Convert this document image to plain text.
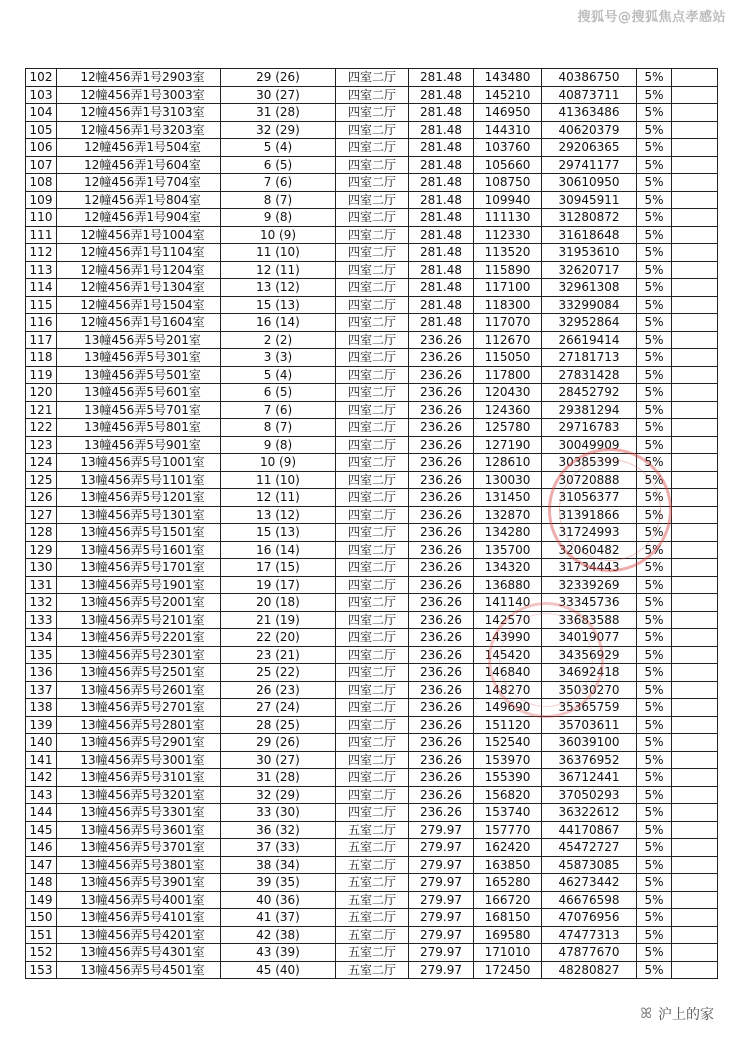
搜狐号@搜狐焦点孝感站
102	12幢456弄1号2903室	29 (26)	四室二厅	281.48	143480	40386750	5%	
103	12幢456弄1号3003室	30 (27)	四室二厅	281.48	145210	40873711	5%	
104	12幢456弄1号3103室	31 (28)	四室二厅	281.48	146950	41363486	5%	
105	12幢456弄1号3203室	32 (29)	四室二厅	281.48	144310	40620379	5%	
106	12幢456弄1号504室	5 (4)	四室二厅	281.48	103760	29206365	5%	
107	12幢456弄1号604室	6 (5)	四室二厅	281.48	105660	29741177	5%	
108	12幢456弄1号704室	7 (6)	四室二厅	281.48	108750	30610950	5%	
109	12幢456弄1号804室	8 (7)	四室二厅	281.48	109940	30945911	5%	
110	12幢456弄1号904室	9 (8)	四室二厅	281.48	111130	31280872	5%	
111	12幢456弄1号1004室	10 (9)	四室二厅	281.48	112330	31618648	5%	
112	12幢456弄1号1104室	11 (10)	四室二厅	281.48	113520	31953610	5%	
113	12幢456弄1号1204室	12 (11)	四室二厅	281.48	115890	32620717	5%	
114	12幢456弄1号1304室	13 (12)	四室二厅	281.48	117100	32961308	5%	
115	12幢456弄1号1504室	15 (13)	四室二厅	281.48	118300	33299084	5%	
116	12幢456弄1号1604室	16 (14)	四室二厅	281.48	117070	32952864	5%	
117	13幢456弄5号201室	2 (2)	四室二厅	236.26	112670	26619414	5%	
118	13幢456弄5号301室	3 (3)	四室二厅	236.26	115050	27181713	5%	
119	13幢456弄5号501室	5 (4)	四室二厅	236.26	117800	27831428	5%	
120	13幢456弄5号601室	6 (5)	四室二厅	236.26	120430	28452792	5%	
121	13幢456弄5号701室	7 (6)	四室二厅	236.26	124360	29381294	5%	
122	13幢456弄5号801室	8 (7)	四室二厅	236.26	125780	29716783	5%	
123	13幢456弄5号901室	9 (8)	四室二厅	236.26	127190	30049909	5%	
124	13幢456弄5号1001室	10 (9)	四室二厅	236.26	128610	30385399	5%	
125	13幢456弄5号1101室	11 (10)	四室二厅	236.26	130030	30720888	5%	
126	13幢456弄5号1201室	12 (11)	四室二厅	236.26	131450	31056377	5%	
127	13幢456弄5号1301室	13 (12)	四室二厅	236.26	132870	31391866	5%	
128	13幢456弄5号1501室	15 (13)	四室二厅	236.26	134280	31724993	5%	
129	13幢456弄5号1601室	16 (14)	四室二厅	236.26	135700	32060482	5%	
130	13幢456弄5号1701室	17 (15)	四室二厅	236.26	134320	31734443	5%	
131	13幢456弄5号1901室	19 (17)	四室二厅	236.26	136880	32339269	5%	
132	13幢456弄5号2001室	20 (18)	四室二厅	236.26	141140	33345736	5%	
133	13幢456弄5号2101室	21 (19)	四室二厅	236.26	142570	33683588	5%	
134	13幢456弄5号2201室	22 (20)	四室二厅	236.26	143990	34019077	5%	
135	13幢456弄5号2301室	23 (21)	四室二厅	236.26	145420	34356929	5%	
136	13幢456弄5号2501室	25 (22)	四室二厅	236.26	146840	34692418	5%	
137	13幢456弄5号2601室	26 (23)	四室二厅	236.26	148270	35030270	5%	
138	13幢456弄5号2701室	27 (24)	四室二厅	236.26	149690	35365759	5%	
139	13幢456弄5号2801室	28 (25)	四室二厅	236.26	151120	35703611	5%	
140	13幢456弄5号2901室	29 (26)	四室二厅	236.26	152540	36039100	5%	
141	13幢456弄5号3001室	30 (27)	四室二厅	236.26	153970	36376952	5%	
142	13幢456弄5号3101室	31 (28)	四室二厅	236.26	155390	36712441	5%	
143	13幢456弄5号3201室	32 (29)	四室二厅	236.26	156820	37050293	5%	
144	13幢456弄5号3301室	33 (30)	四室二厅	236.26	153740	36322612	5%	
145	13幢456弄5号3601室	36 (32)	五室二厅	279.97	157770	44170867	5%	
146	13幢456弄5号3701室	37 (33)	五室二厅	279.97	162420	45472727	5%	
147	13幢456弄5号3801室	38 (34)	五室二厅	279.97	163850	45873085	5%	
148	13幢456弄5号3901室	39 (35)	五室二厅	279.97	165280	46273442	5%	
149	13幢456弄5号4001室	40 (36)	五室二厅	279.97	166720	46676598	5%	
150	13幢456弄5号4101室	41 (37)	五室二厅	279.97	168150	47076956	5%	
151	13幢456弄5号4201室	42 (38)	五室二厅	279.97	169580	47477313	5%	
152	13幢456弄5号4301室	43 (39)	五室二厅	279.97	171010	47877670	5%	
153	13幢456弄5号4501室	45 (40)	五室二厅	279.97	172450	48280827	5%	
ꕤ 沪上的家
